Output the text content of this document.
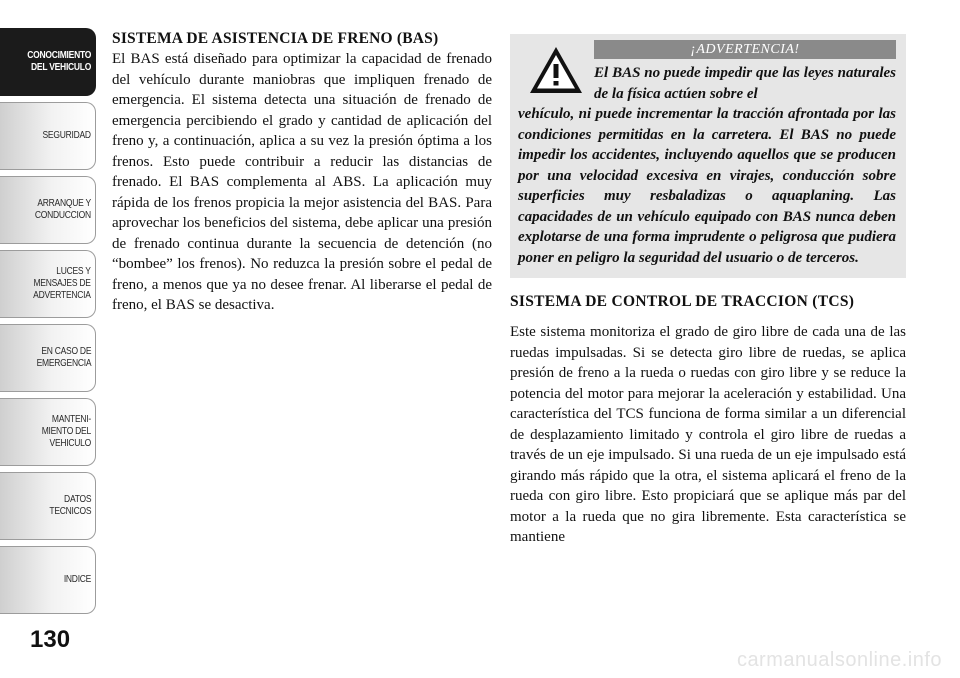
CONOCIMIENTO
DEL VEHICULO
SEGURIDAD
ARRANQUE Y
CONDUCCION
LUCES Y
MENSAJES DE
ADVERTENCIA
EN CASO DE
EMERGENCIA
MANTENI-
MIENTO DEL
VEHICULO
DATOS
TECNICOS
INDICE
130
SISTEMA DE ASISTENCIA DE FRENO (BAS)

El BAS está diseñado para optimizar la capacidad de frenado del vehículo durante maniobras que impliquen frenado de emergencia. El sistema detecta una situación de frenado de emergencia percibiendo el grado y cantidad de aplicación del freno y, a continuación, aplica a su vez la presión óptima a los frenos. Esto puede contribuir a reducir las distancias de frenado. El BAS complementa al ABS. La aplicación muy rápida de los frenos propicia la mejor asistencia del BAS. Para aprovechar los beneficios del sistema, debe aplicar una presión de frenado continua durante la secuencia de detención (no “bombee” los frenos). No reduzca la presión sobre el pedal de freno, a menos que ya no desee frenar. Al liberarse el pedal de freno, el BAS se desactiva.

¡ADVERTENCIA!

El BAS no puede impedir que las leyes naturales de la física actúen sobre el

vehículo, ni puede incrementar la tracción afrontada por las condiciones permitidas en la carretera. El BAS no puede impedir los accidentes, incluyendo aquellos que se producen por una velocidad excesiva en virajes, conducción sobre superficies muy resbaladizas o aquaplaning. Las capacidades de un vehículo equipado con BAS nunca deben explotarse de una forma imprudente o peligrosa que pudiera poner en peligro la seguridad del usuario o de terceros.

SISTEMA DE CONTROL DE TRACCION (TCS)

Este sistema monitoriza el grado de giro libre de cada una de las ruedas impulsadas. Si se detecta giro libre de ruedas, se aplica presión de freno a la rueda o ruedas con giro libre y se reduce la potencia del motor para mejorar la aceleración y estabilidad. Una característica del TCS funciona de forma similar a un diferencial de desplazamiento limitado y controla el giro libre de ruedas a través de un eje impulsado. Si una rueda de un eje impulsado está girando más rápido que la otra, el sistema aplicará el freno de la rueda con giro libre. Esto propiciará que se aplique más par del motor a la rueda que no gira libremente. Esta característica se mantiene

carmanualsonline.info
